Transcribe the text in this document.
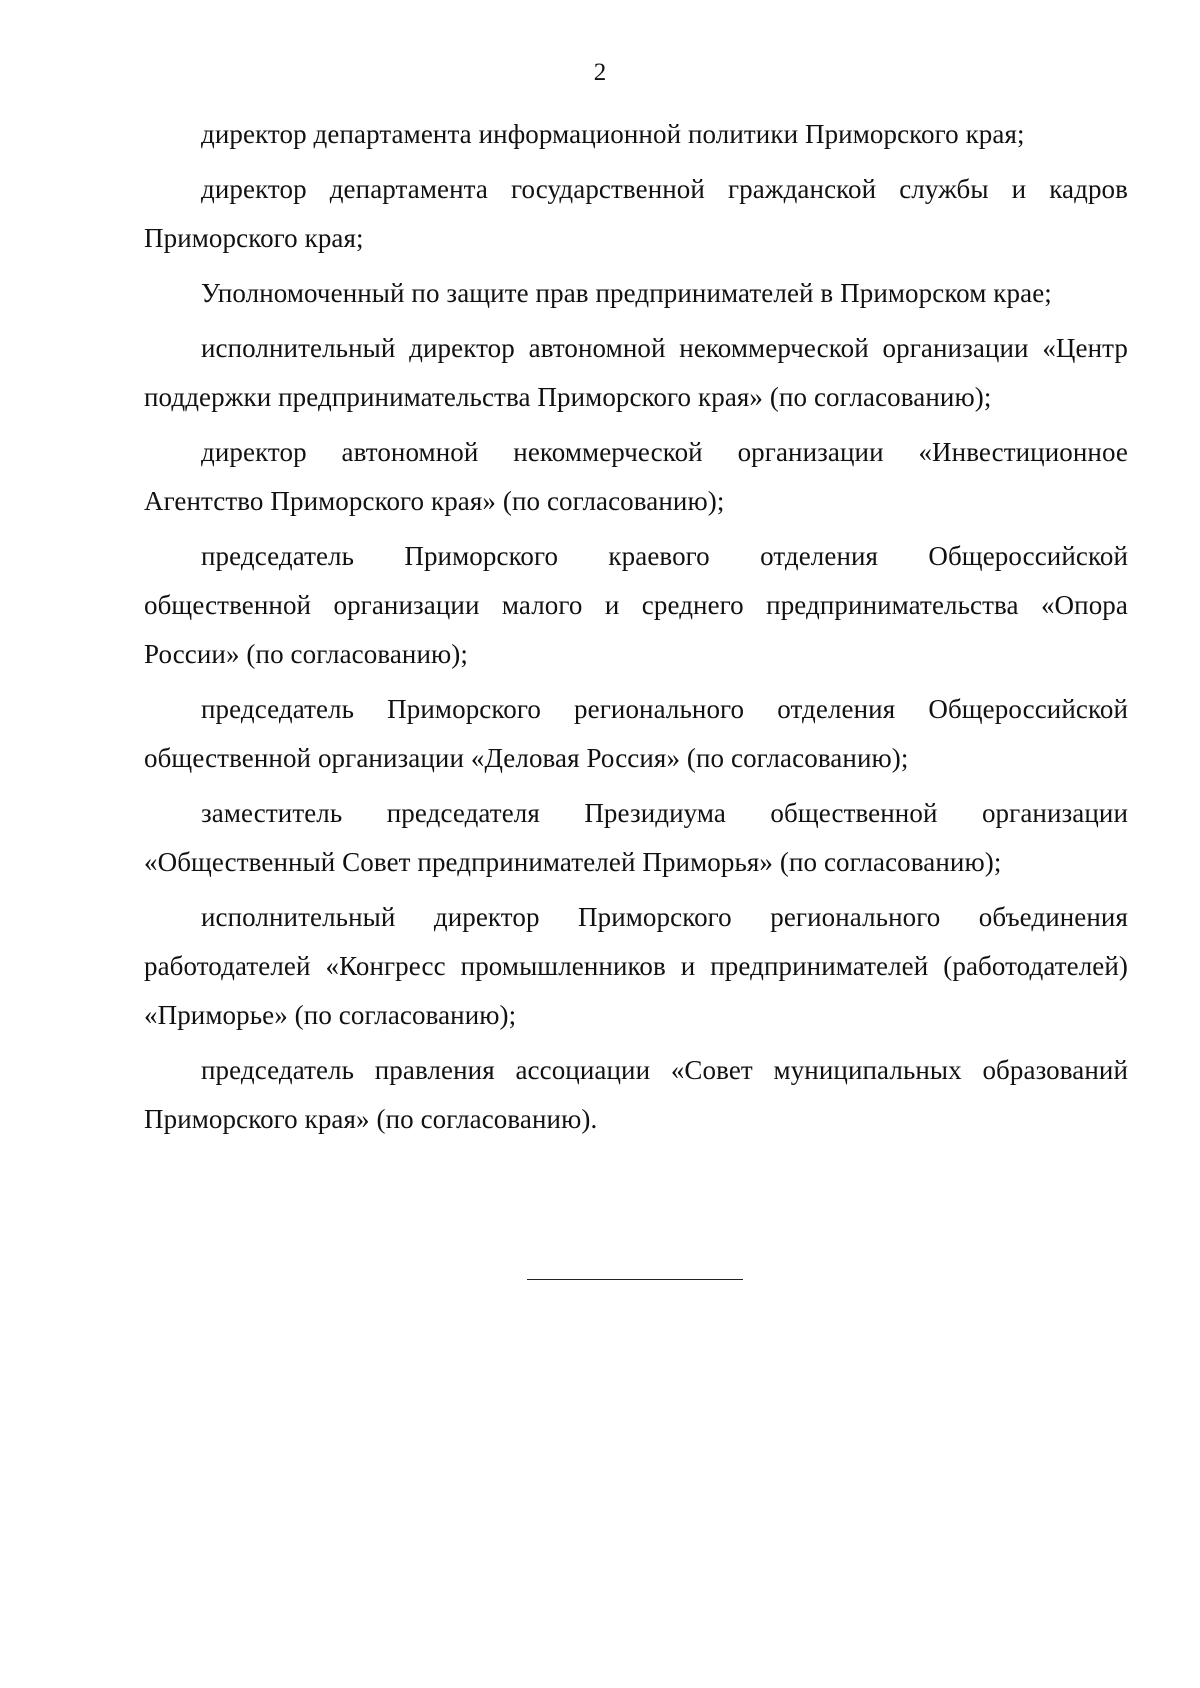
2

директор департамента информационной политики Приморского края;

директор департамента государственной гражданской службы и кадров Приморского края;

Уполномоченный по защите прав предпринимателей в Приморском крае;

исполнительный директор автономной некоммерческой организации «Центр поддержки предпринимательства Приморского края» (по согласованию);

директор автономной некоммерческой организации «Инвестиционное Агентство Приморского края» (по согласованию);

председатель Приморского краевого отделения Общероссийской общественной организации малого и среднего предпринимательства «Опора России» (по согласованию);

председатель Приморского регионального отделения Общероссийской общественной организации «Деловая Россия» (по согласованию);

заместитель председателя Президиума общественной организации «Общественный Совет предпринимателей Приморья» (по согласованию);

исполнительный директор Приморского регионального объединения работодателей «Конгресс промышленников и предпринимателей (работодателей) «Приморье» (по согласованию);

председатель правления ассоциации «Совет муниципальных образований Приморского края» (по согласованию).
